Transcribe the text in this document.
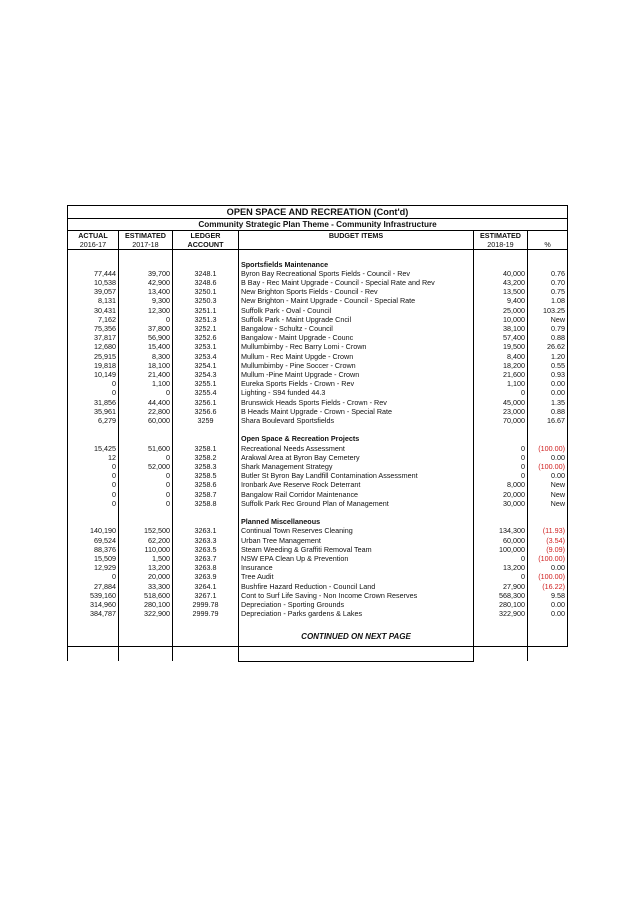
OPEN SPACE AND RECREATION (Cont'd)					
Community Strategic Plan Theme - Community Infrastructure					
ACTUAL	ESTIMATED	LEDGER	BUDGET ITEMS	ESTIMATED	
2016-17	2017-18	ACCOUNT		2018-19	%

			Sportsfields Maintenance		
77,444	39,700	3248.1	Byron Bay Recreational Sports Fields - Council - Rev	40,000	0.76
10,538	42,900	3248.6	B Bay - Rec Maint Upgrade - Council - Special Rate and Rev	43,200	0.70
39,057	13,400	3250.1	New Brighton Sports Fields - Council - Rev	13,500	0.75
8,131	9,300	3250.3	New Brighton - Maint Upgrade - Council - Special Rate	9,400	1.08
30,431	12,300	3251.1	Suffolk Park - Oval - Council	25,000	103.25
7,162	0	3251.3	Suffolk Park - Maint Upgrade Cncil	10,000	New
75,356	37,800	3252.1	Bangalow - Schultz - Council	38,100	0.79
37,817	56,900	3252.6	Bangalow - Maint Upgrade - Counc	57,400	0.88
12,680	15,400	3253.1	Mullumbimby - Rec Barry Lomi - Crown	19,500	26.62
25,915	8,300	3253.4	Mullum - Rec Maint Upgde - Crown	8,400	1.20
19,818	18,100	3254.1	Mullumbimby - Pine Soccer - Crown	18,200	0.55
10,149	21,400	3254.3	Mullum -Pine Maint Upgrade - Crown	21,600	0.93
0	1,100	3255.1	Eureka Sports Fields - Crown - Rev	1,100	0.00
0	0	3255.4	Lighting - S94 funded 44.3	0	0.00
31,856	44,400	3256.1	Brunswick Heads Sports Fields - Crown - Rev	45,000	1.35
35,961	22,800	3256.6	B Heads Maint Upgrade - Crown - Special Rate	23,000	0.88
6,279	60,000	3259	Shara Boulevard Sportsfields	70,000	16.67

			Open Space & Recreation Projects		
15,425	51,600	3258.1	Recreational Needs Assessment	0	(100.00)
12	0	3258.2	Arakwal Area at Byron Bay Cemetery	0	0.00
0	52,000	3258.3	Shark Management Strategy	0	(100.00)
0	0	3258.5	Butler St Byron Bay Landfill Contamination Assessment	0	0.00
0	0	3258.6	Ironbark Ave Reserve Rock Deterrant	8,000	New
0	0	3258.7	Bangalow Rail Corridor Maintenance	20,000	New
0	0	3258.8	Suffolk Park Rec Ground Plan of Management	30,000	New

			Planned Miscellaneous		
140,190	152,500	3263.1	Continual Town Reserves Cleaning	134,300	(11.93)
69,524	62,200	3263.3	Urban Tree Management	60,000	(3.54)
88,376	110,000	3263.5	Steam Weeding & Graffiti Removal Team	100,000	(9.09)
15,509	1,500	3263.7	NSW EPA Clean Up & Prevention	0	(100.00)
12,929	13,200	3263.8	Insurance	13,200	0.00
0	20,000	3263.9	Tree Audit	0	(100.00)
27,884	33,300	3264.1	Bushfire Hazard Reduction - Council Land	27,900	(16.22)
539,160	518,600	3267.1	Cont to Surf Life Saving - Non Income Crown Reserves	568,300	9.58
314,960	280,100	2999.78	Depreciation - Sporting Grounds	280,100	0.00
384,787	322,900	2999.79	Depreciation - Parks gardens & Lakes	322,900	0.00

			CONTINUED ON NEXT PAGE		
